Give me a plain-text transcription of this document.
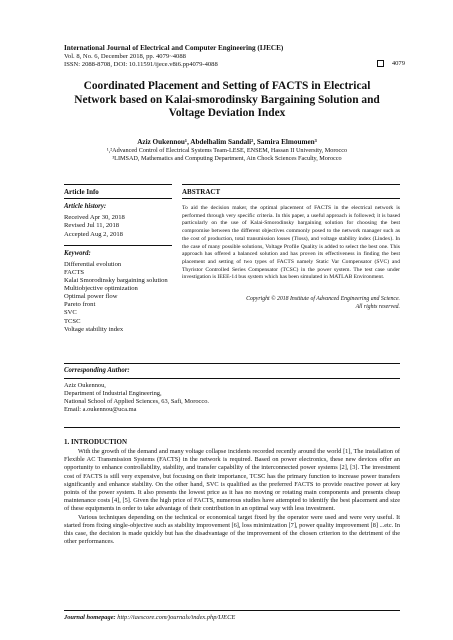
International Journal of Electrical and Computer Engineering (IJECE)
Vol. 8, No. 6, December 2018, pp. 4079~4088
ISSN: 2088-8708, DOI: 10.11591/ijece.v8i6.pp4079-4088	4079
Coordinated Placement and Setting of FACTS in Electrical Network based on Kalai-smorodinsky Bargaining Solution and Voltage Deviation Index
Aziz Oukennou¹, Abdelhalim Sandali², Samira Elmoumen³
¹,²Advanced Control of Electrical Systems Team-LESE, ENSEM, Hassan II University, Morocco
³LIMSAD, Mathematics and Computing Department, Ain Chock Sciences Faculty, Morocco
Article Info
Article history:
Received Apr 30, 2018
Revised Jul 11, 2018
Accepted Aug 2, 2018
Keyword:
Differential evolution
FACTS
Kalai Smorodinsky bargaining solution
Multiobjective optimization
Optimal power flow
Pareto front
SVC
TCSC
Voltage stability index
ABSTRACT
To aid the decision maker, the optimal placement of FACTS in the electrical network is performed through very specific criteria. In this paper, a useful approach is followed; it is based particularly on the use of Kalai-Smorodinsky bargaining solution for choosing the best compromise between the different objectives commonly posed to the network manager such as the cost of production, total transmission losses (Tloss), and voltage stability index (Lindex). In the case of many possible solutions, Voltage Profile Quality is added to select the best one. This approach has offered a balanced solution and has proven its effectiveness in finding the best placement and setting of two types of FACTS namely Static Var Compensator (SVC) and Thyristor Controlled Series Compensator (TCSC) in the power system. The test case under investigation is IEEE-14 bus system which has been simulated in MATLAB Environment.
Copyright © 2018 Institute of Advanced Engineering and Science.
All rights reserved.
Corresponding Author:
Aziz Oukennou,
Department of Industrial Engineering,
National School of Applied Sciences, 63, Safi, Morocco.
Email: a.oukennou@uca.ma
1. INTRODUCTION

With the growth of the demand and many voltage collapse incidents recorded recently around the world [1], The installation of Flexible AC Transmission Systems (FACTS) in the network is required. Based on power electronics, these new devices offer an opportunity to enhance controllability, stability, and transfer capability of the interconnected power systems [2], [3]. The investment cost of FACTS is still very expensive, but focusing on their importance, TCSC has the primary function to increase power transfers significantly and enhance stability. On the other hand, SVC is qualified as the preferred FACTS to provide reactive power at key points of the power system. It also presents the lowest price as it has no moving or rotating main components and presents cheap maintenance costs [4], [5]. Given the high price of FACTS, numerous studies have attempted to identify the best placement and size of these equipments in order to take advantage of their contribution in an optimal way with less investment.

Various techniques depending on the technical or economical target fixed by the operator were used and were very useful. It started from fixing single-objective such as stability improvement [6], loss minimization [7], power quality improvement [8] ...etc. In this case, the decision is made quickly but has the disadvantage of the improvement of the chosen criterion to the detriment of the other performances.

Journal homepage: http://iaescore.com/journals/index.php/IJECE
